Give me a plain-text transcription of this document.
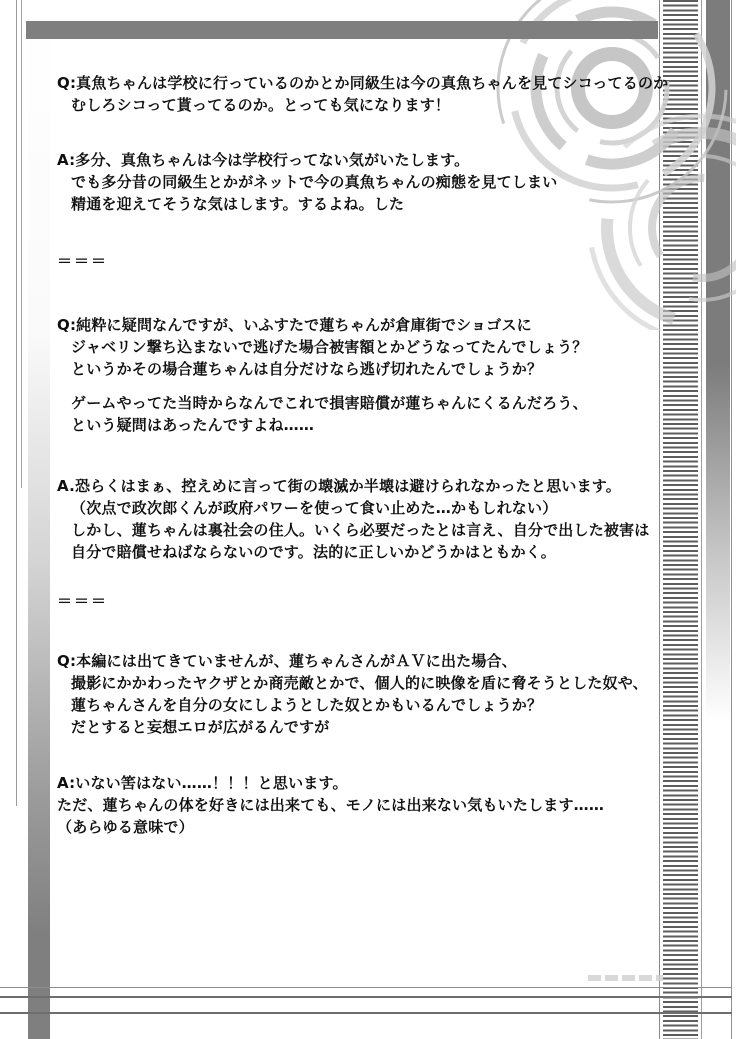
Q:真魚ちゃんは学校に行っているのかとか同級生は今の真魚ちゃんを見てシコってるのか
むしろシコって貰ってるのか。とっても気になります！
A:多分、真魚ちゃんは今は学校行ってない気がいたします。
でも多分昔の同級生とかがネットで今の真魚ちゃんの痴態を見てしまい
精通を迎えてそうな気はします。するよね。した
＝＝＝
Q:純粋に疑問なんですが、いふすたで蓮ちゃんが倉庫街でショゴスに
ジャベリン撃ち込まないで逃げた場合被害額とかどうなってたんでしょう？
というかその場合蓮ちゃんは自分だけなら逃げ切れたんでしょうか？
ゲームやってた当時からなんでこれで損害賠償が蓮ちゃんにくるんだろう、
という疑問はあったんですよね……
A.恐らくはまぁ、控えめに言って街の壊滅か半壊は避けられなかったと思います。
（次点で政次郎くんが政府パワーを使って食い止めた…かもしれない）
しかし、蓮ちゃんは裏社会の住人。いくら必要だったとは言え、自分で出した被害は
自分で賠償せねばならないのです。法的に正しいかどうかはともかく。
＝＝＝
Q:本編には出てきていませんが、蓮ちゃんさんがＡＶに出た場合、
撮影にかかわったヤクザとか商売敵とかで、個人的に映像を盾に脅そうとした奴や、
蓮ちゃんさんを自分の女にしようとした奴とかもいるんでしょうか？
だとすると妄想エロが広がるんですが
A:いない筈はない……！！！と思います。
ただ、蓮ちゃんの体を好きには出来ても、モノには出来ない気もいたします……
（あらゆる意味で）
